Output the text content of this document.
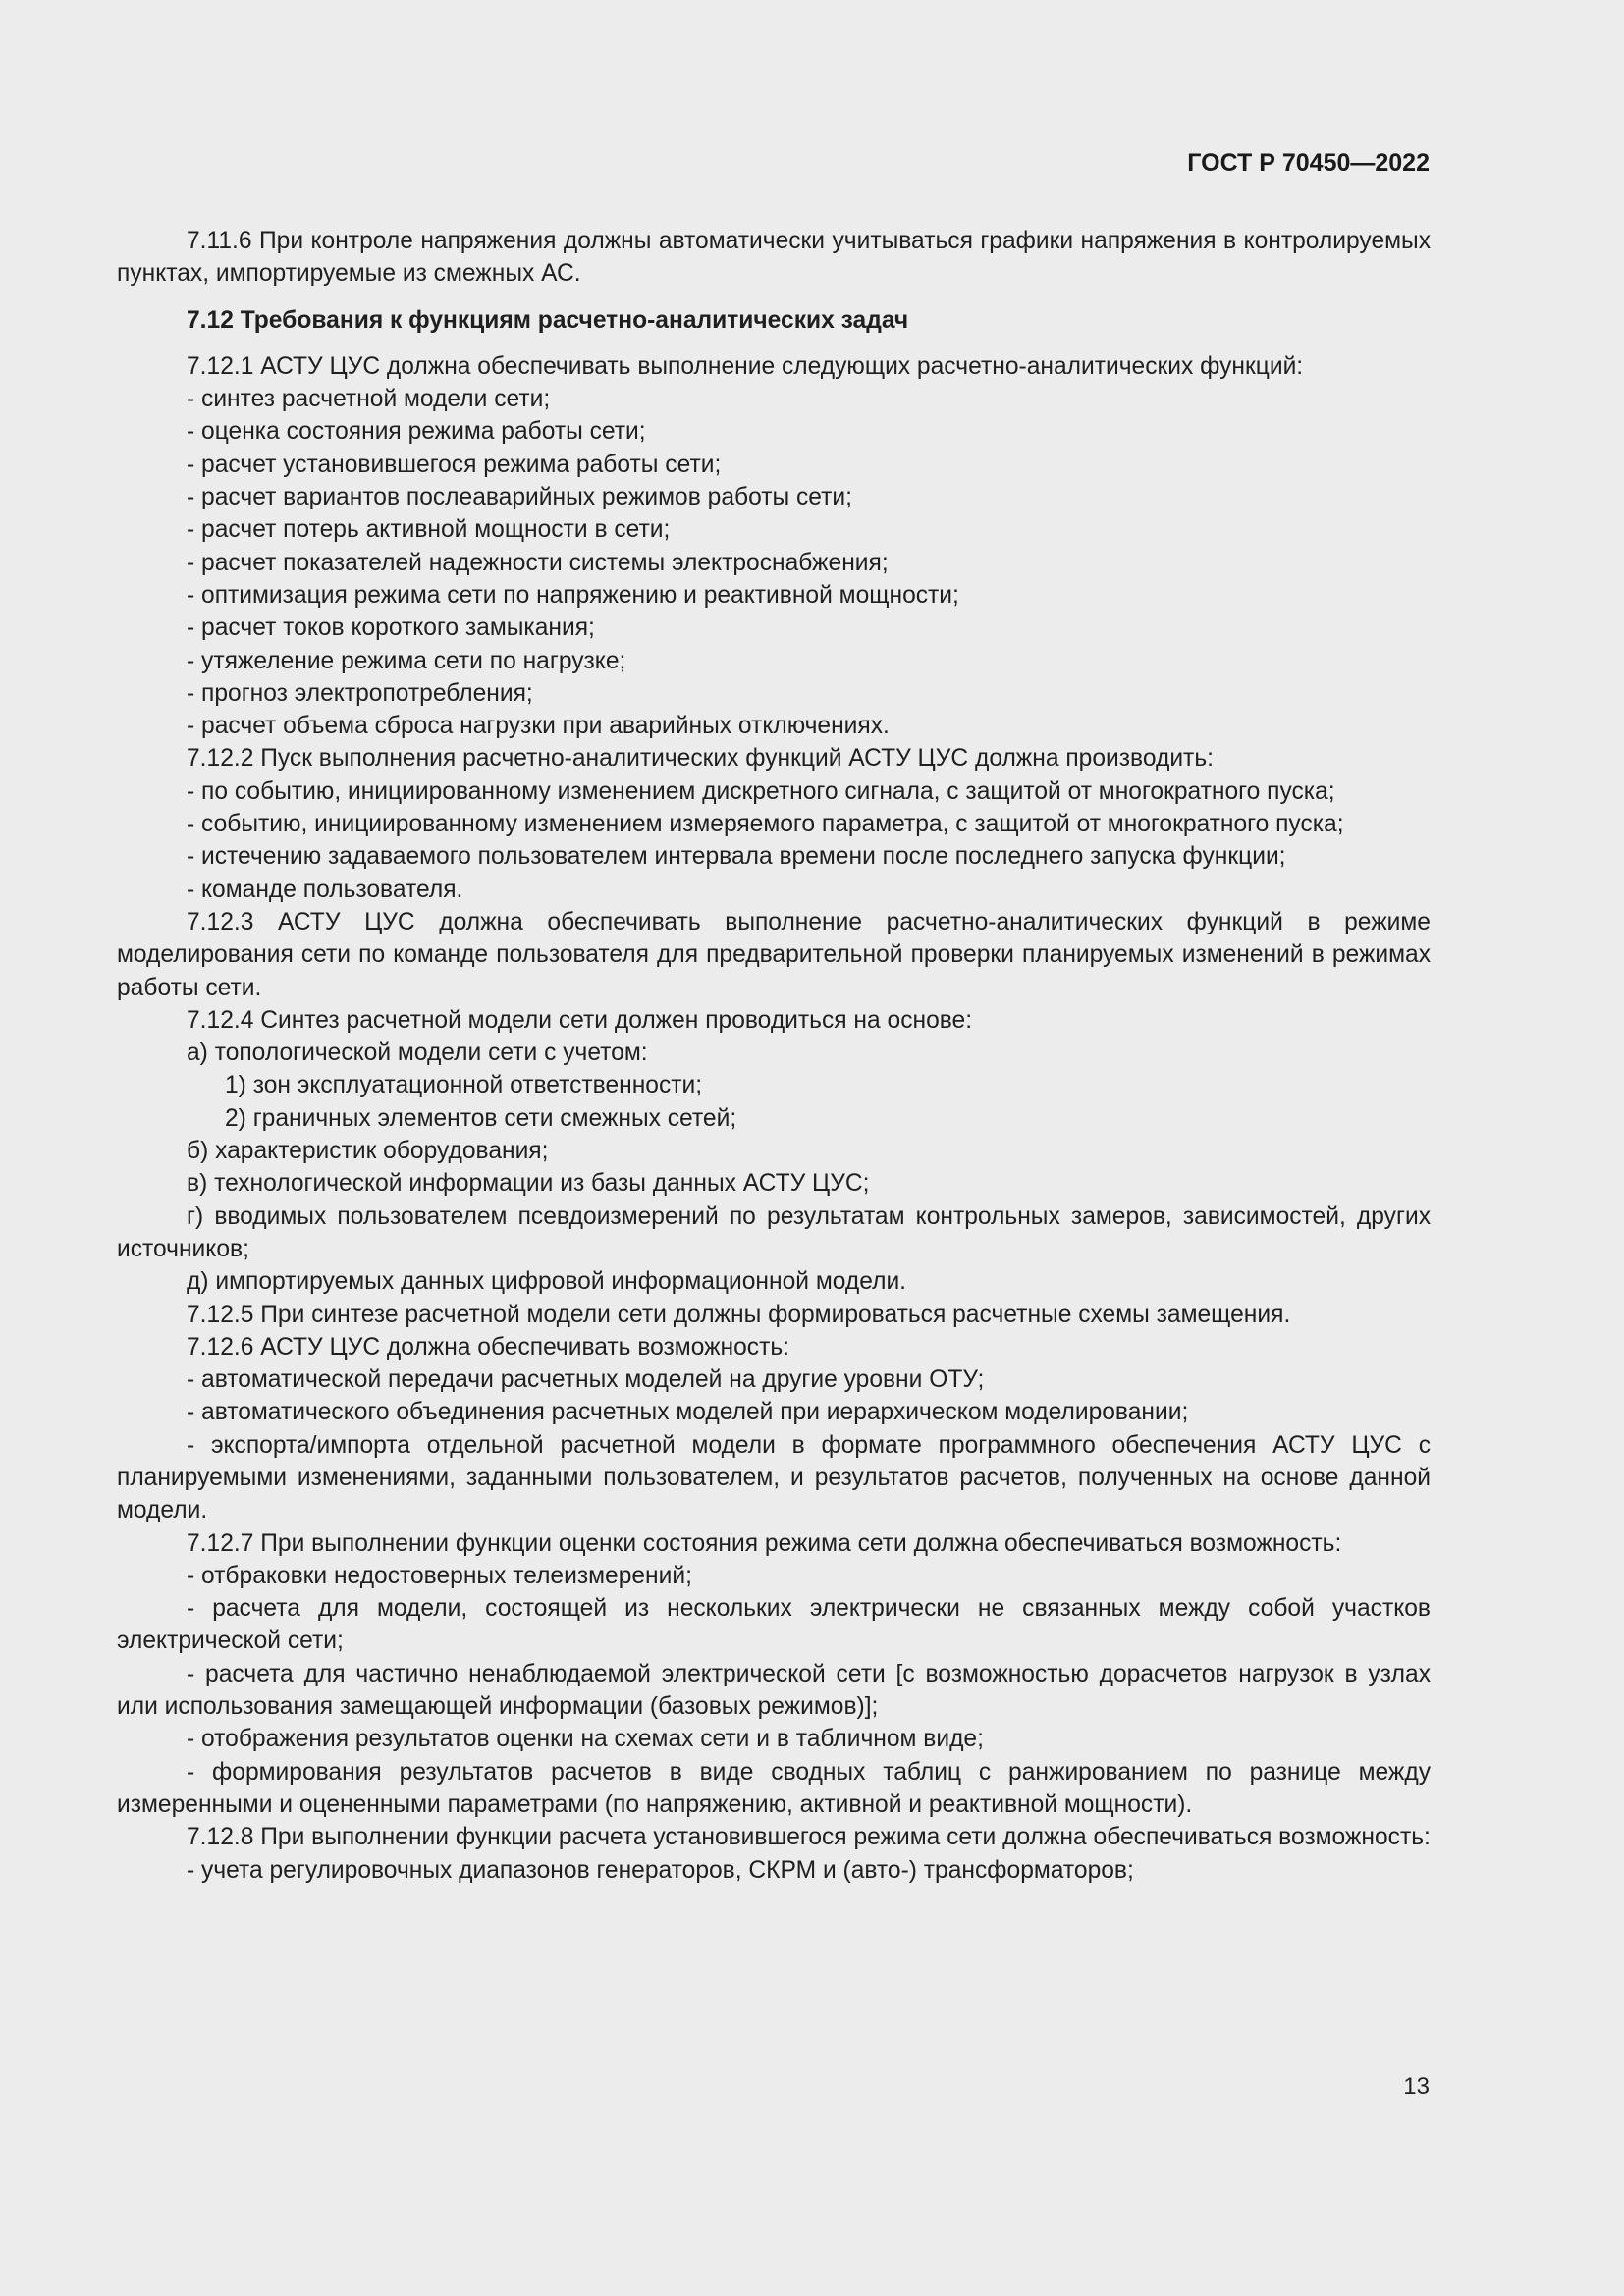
ГОСТ Р 70450—2022

7.11.6 При контроле напряжения должны автоматически учитываться графики напряжения в контролируемых пунктах, импортируемые из смежных АС.

7.12 Требования к функциям расчетно-аналитических задач

7.12.1 АСТУ ЦУС должна обеспечивать выполнение следующих расчетно-аналитических функций:

- синтез расчетной модели сети;

- оценка состояния режима работы сети;

- расчет установившегося режима работы сети;

- расчет вариантов послеаварийных режимов работы сети;

- расчет потерь активной мощности в сети;

- расчет показателей надежности системы электроснабжения;

- оптимизация режима сети по напряжению и реактивной мощности;

- расчет токов короткого замыкания;

- утяжеление режима сети по нагрузке;

- прогноз электропотребления;

- расчет объема сброса нагрузки при аварийных отключениях.

7.12.2 Пуск выполнения расчетно-аналитических функций АСТУ ЦУС должна производить:

- по событию, инициированному изменением дискретного сигнала, с защитой от многократного пуска;

- событию, инициированному изменением измеряемого параметра, с защитой от многократного пуска;

- истечению задаваемого пользователем интервала времени после последнего запуска функции;

- команде пользователя.

7.12.3 АСТУ ЦУС должна обеспечивать выполнение расчетно-аналитических функций в режиме моделирования сети по команде пользователя для предварительной проверки планируемых изменений в режимах работы сети.

7.12.4 Синтез расчетной модели сети должен проводиться на основе:

а) топологической модели сети с учетом:

1) зон эксплуатационной ответственности;

2) граничных элементов сети смежных сетей;

б) характеристик оборудования;

в) технологической информации из базы данных АСТУ ЦУС;

г) вводимых пользователем псевдоизмерений по результатам контрольных замеров, зависимостей, других источников;

д) импортируемых данных цифровой информационной модели.

7.12.5 При синтезе расчетной модели сети должны формироваться расчетные схемы замещения.

7.12.6 АСТУ ЦУС должна обеспечивать возможность:

- автоматической передачи расчетных моделей на другие уровни ОТУ;

- автоматического объединения расчетных моделей при иерархическом моделировании;

- экспорта/импорта отдельной расчетной модели в формате программного обеспечения АСТУ ЦУС с планируемыми изменениями, заданными пользователем, и результатов расчетов, полученных на основе данной модели.

7.12.7 При выполнении функции оценки состояния режима сети должна обеспечиваться возможность:

- отбраковки недостоверных телеизмерений;

- расчета для модели, состоящей из нескольких электрически не связанных между собой участков электрической сети;

- расчета для частично ненаблюдаемой электрической сети [с возможностью дорасчетов нагрузок в узлах или использования замещающей информации (базовых режимов)];

- отображения результатов оценки на схемах сети и в табличном виде;

- формирования результатов расчетов в виде сводных таблиц с ранжированием по разнице между измеренными и оцененными параметрами (по напряжению, активной и реактивной мощности).

7.12.8 При выполнении функции расчета установившегося режима сети должна обеспечиваться возможность:

- учета регулировочных диапазонов генераторов, СКРМ и (авто-) трансформаторов;

13
